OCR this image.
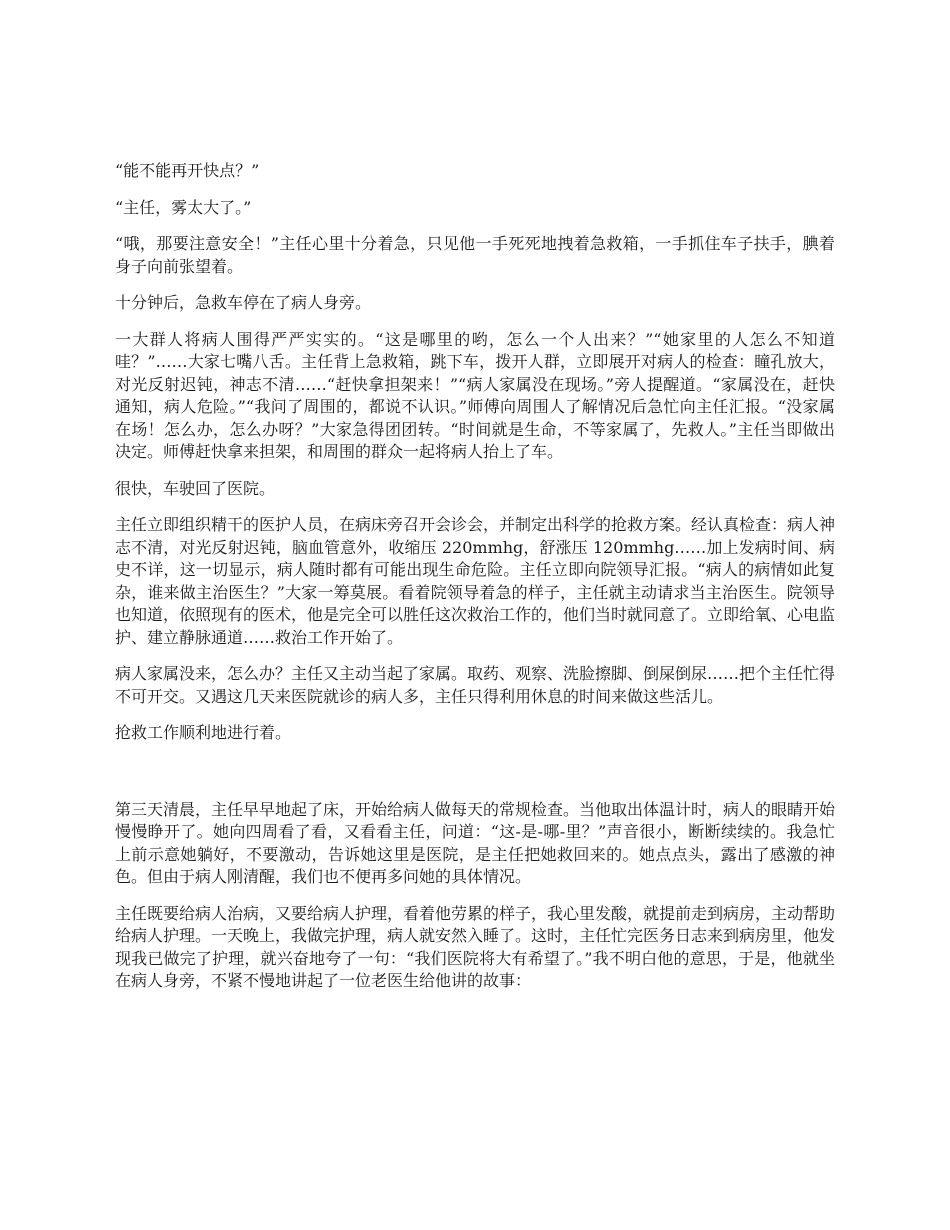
“能不能再开快点？”

“主任，雾太大了。”

“哦，那要注意安全！”主任心里十分着急，只见他一手死死地拽着急救箱，一手抓住车子扶手，腆着身子向前张望着。

十分钟后，急救车停在了病人身旁。

一大群人将病人围得严严实实的。“这是哪里的哟，怎么一个人出来？”“她家里的人怎么不知道哇？”……大家七嘴八舌。主任背上急救箱，跳下车，拨开人群，立即展开对病人的检查：瞳孔放大，对光反射迟钝，神志不清……“赶快拿担架来！”“病人家属没在现场。”旁人提醒道。“家属没在，赶快通知，病人危险。”“我问了周围的，都说不认识。”师傅向周围人了解情况后急忙向主任汇报。“没家属在场！怎么办，怎么办呀？”大家急得团团转。“时间就是生命，不等家属了，先救人。”主任当即做出决定。师傅赶快拿来担架，和周围的群众一起将病人抬上了车。

很快，车驶回了医院。

主任立即组织精干的医护人员，在病床旁召开会诊会，并制定出科学的抢救方案。经认真检查：病人神志不清，对光反射迟钝，脑血管意外，收缩压 220mmhg，舒涨压 120mmhg……加上发病时间、病史不详，这一切显示，病人随时都有可能出现生命危险。主任立即向院领导汇报。“病人的病情如此复杂，谁来做主治医生？”大家一筹莫展。看着院领导着急的样子，主任就主动请求当主治医生。院领导也知道，依照现有的医术，他是完全可以胜任这次救治工作的，他们当时就同意了。立即给氧、心电监护、建立静脉通道……救治工作开始了。

病人家属没来，怎么办？主任又主动当起了家属。取药、观察、洗脸擦脚、倒屎倒尿……把个主任忙得不可开交。又遇这几天来医院就诊的病人多，主任只得利用休息的时间来做这些活儿。

抢救工作顺利地进行着。

第三天清晨，主任早早地起了床，开始给病人做每天的常规检查。当他取出体温计时，病人的眼睛开始慢慢睁开了。她向四周看了看，又看看主任，问道：“这-是-哪-里？”声音很小，断断续续的。我急忙上前示意她躺好，不要激动，告诉她这里是医院，是主任把她救回来的。她点点头，露出了感激的神色。但由于病人刚清醒，我们也不便再多问她的具体情况。

主任既要给病人治病，又要给病人护理，看着他劳累的样子，我心里发酸，就提前走到病房，主动帮助给病人护理。一天晚上，我做完护理，病人就安然入睡了。这时，主任忙完医务日志来到病房里，他发现我已做完了护理，就兴奋地夸了一句：“我们医院将大有希望了。”我不明白他的意思，于是，他就坐在病人身旁，不紧不慢地讲起了一位老医生给他讲的故事：
